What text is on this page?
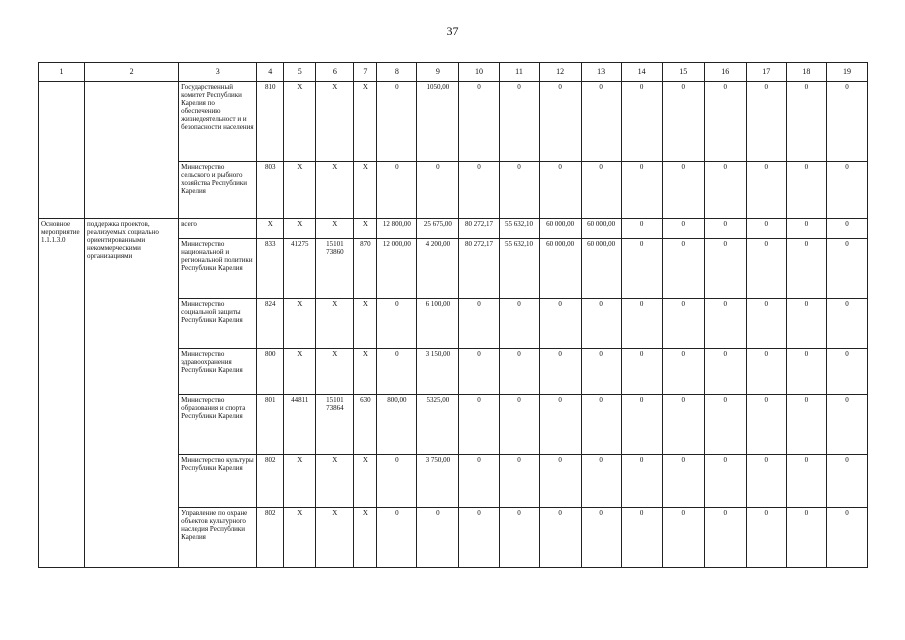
37
1	2	3	4	5	6	7	8	9	10	11	12	13	14	15	16	17	18	19
		Государственный комитет Республики Карелия по обеспечению жизнедеятельност и и безопасности населения	810	X	X	X	0	1050,00	0	0	0	0	0	0	0	0	0	0
		Министерство сельского и рыбного хозяйства Республики Карелия	803	X	X	X	0	0	0	0	0	0	0	0	0	0	0	0
Основное мероприятие 1.1.1.3.0	поддержка проектов, реализуемых социально ориентированными некоммерческими организациями	всего	X	X	X	X	12 800,00	25 675,00	80 272,17	55 632,10	60 000,00	60 000,00	0	0	0	0	0	0
		Министерство национальной и региональной политики Республики Карелия	833	41275	15101 73860	870	12 000,00	4 200,00	80 272,17	55 632,10	60 000,00	60 000,00	0	0	0	0	0	0
		Министерство социальной защиты Республики Карелия	824	X	X	X	0	6 100,00	0	0	0	0	0	0	0	0	0	0
		Министерство здравоохранения Республики Карелия	800	X	X	X	0	3 150,00	0	0	0	0	0	0	0	0	0	0
		Министерство образования и спорта Республики Карелия	801	44811	15101 73864	630	800,00	5325,00	0	0	0	0	0	0	0	0	0	0
		Министерство культуры Республики Карелия	802	X	X	X	0	3 750,00	0	0	0	0	0	0	0	0	0	0
		Управление по охране объектов культурного наследия Республики Карелия	802	X	X	X	0	0	0	0	0	0	0	0	0	0	0	0
